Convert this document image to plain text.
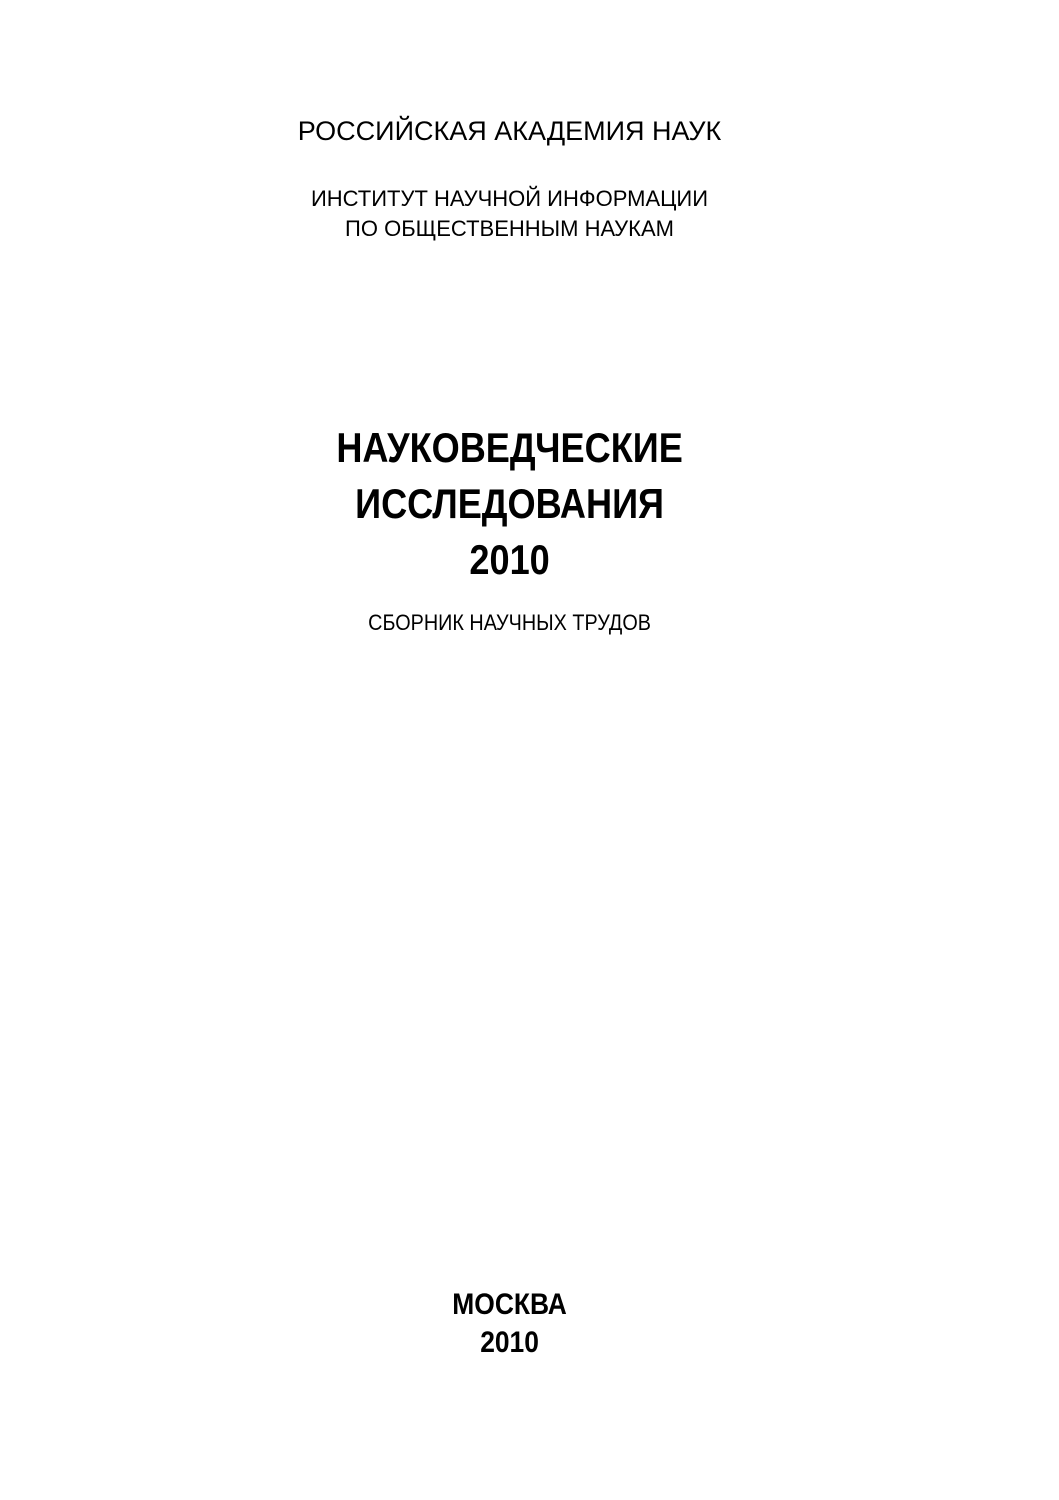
РОССИЙСКАЯ АКАДЕМИЯ НАУК
ИНСТИТУТ НАУЧНОЙ ИНФОРМАЦИИ
ПО ОБЩЕСТВЕННЫМ НАУКАМ
НАУКОВЕДЧЕСКИЕ
ИССЛЕДОВАНИЯ
2010
СБОРНИК НАУЧНЫХ ТРУДОВ
МОСКВА
2010
